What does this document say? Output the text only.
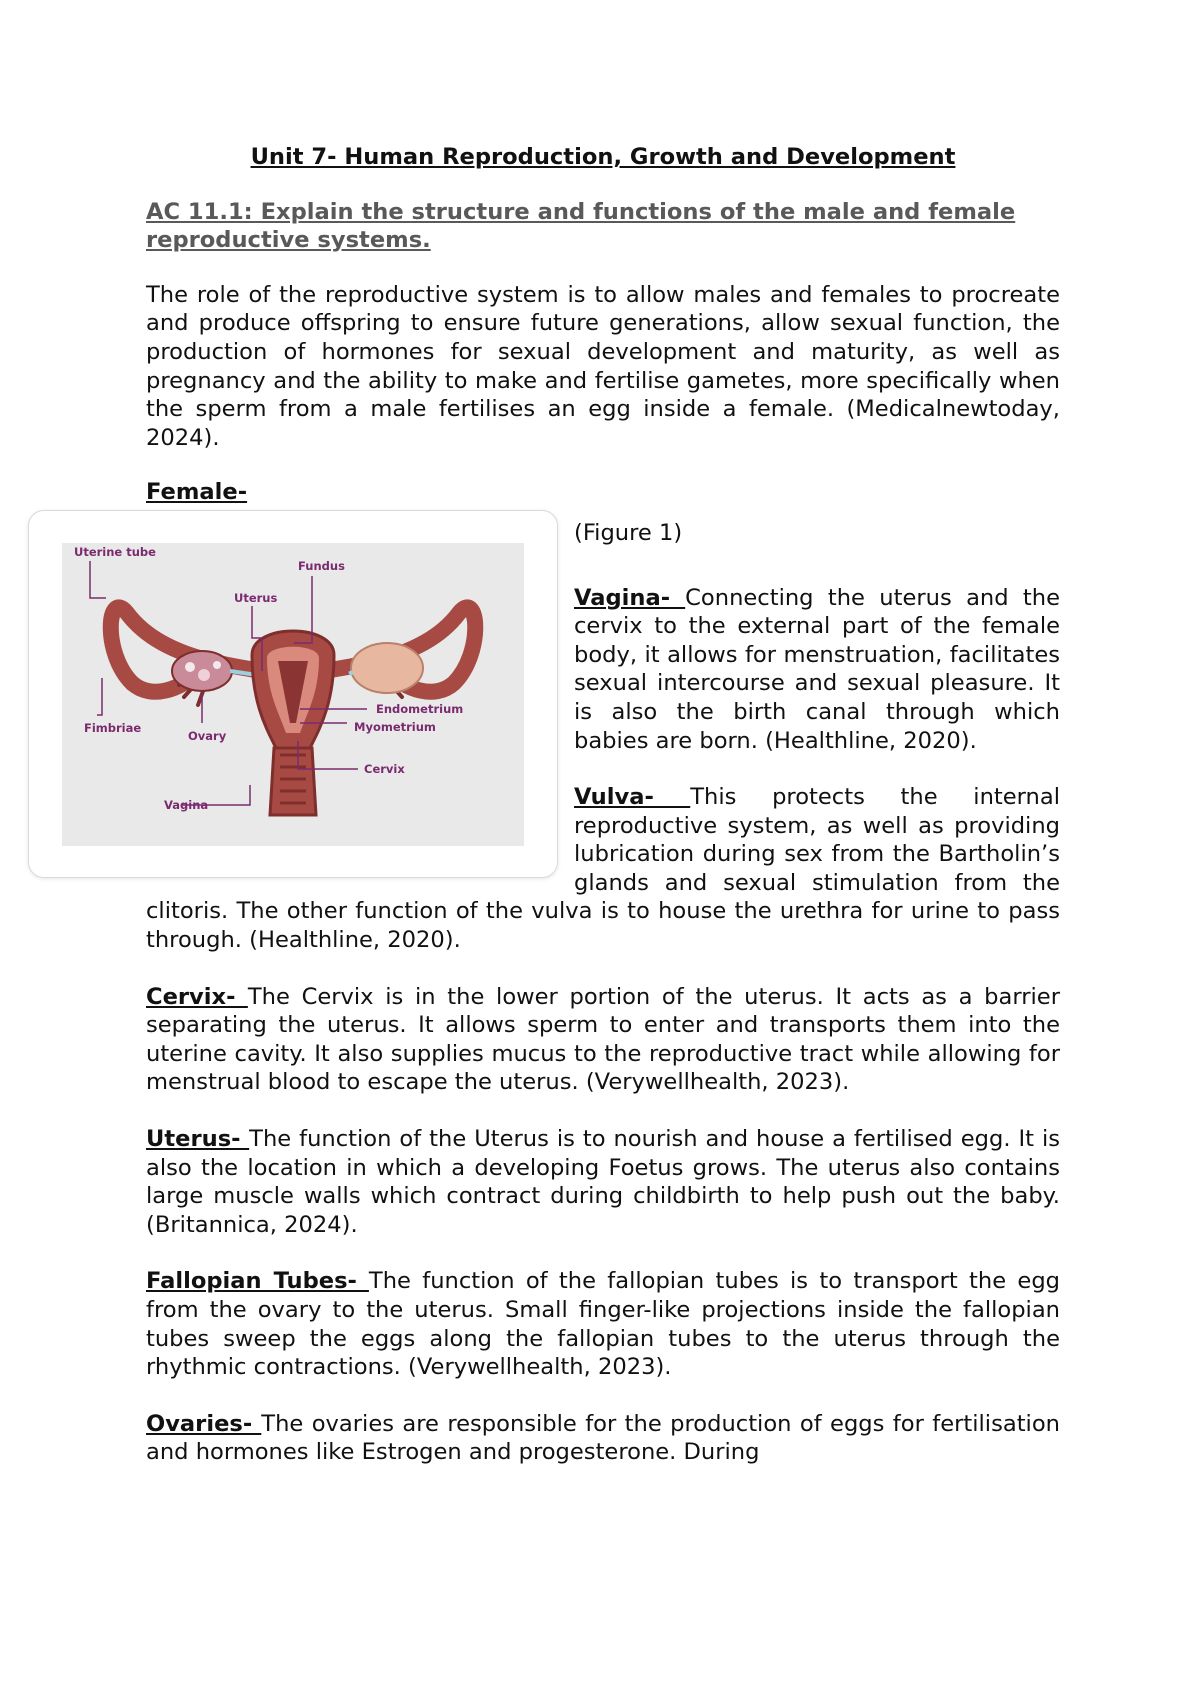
Unit 7- Human Reproduction, Growth and Development
AC 11.1: Explain the structure and functions of the male and female reproductive systems.

The role of the reproductive system is to allow males and females to procreate and produce offspring to ensure future generations, allow sexual function, the production of hormones for sexual development and maturity, as well as pregnancy and the ability to make and fertilise gametes, more specifically when the sperm from a male fertilises an egg inside a female. (Medicalnewtoday, 2024).

Female-
Uterine tube
Fundus
Uterus
Endometrium
Myometrium
Cervix
Fimbriae
Ovary
Vagina

(Figure 1)

Vagina- Connecting the uterus and the cervix to the external part of the female body, it allows for menstruation, facilitates sexual intercourse and sexual pleasure. It is also the birth canal through which babies are born. (Healthline, 2020).

Vulva- This protects the internal reproductive system, as well as providing lubrication during sex from the Bartholin’s glands and sexual stimulation from the clitoris. The other function of the vulva is to house the urethra for urine to pass through. (Healthline, 2020).

Cervix- The Cervix is in the lower portion of the uterus. It acts as a barrier separating the uterus. It allows sperm to enter and transports them into the uterine cavity. It also supplies mucus to the reproductive tract while allowing for menstrual blood to escape the uterus. (Verywellhealth, 2023).

Uterus- The function of the Uterus is to nourish and house a fertilised egg. It is also the location in which a developing Foetus grows. The uterus also contains large muscle walls which contract during childbirth to help push out the baby. (Britannica, 2024).

Fallopian Tubes- The function of the fallopian tubes is to transport the egg from the ovary to the uterus. Small finger-like projections inside the fallopian tubes sweep the eggs along the fallopian tubes to the uterus through the rhythmic contractions. (Verywellhealth, 2023).

Ovaries- The ovaries are responsible for the production of eggs for fertilisation and hormones like Estrogen and progesterone. During
